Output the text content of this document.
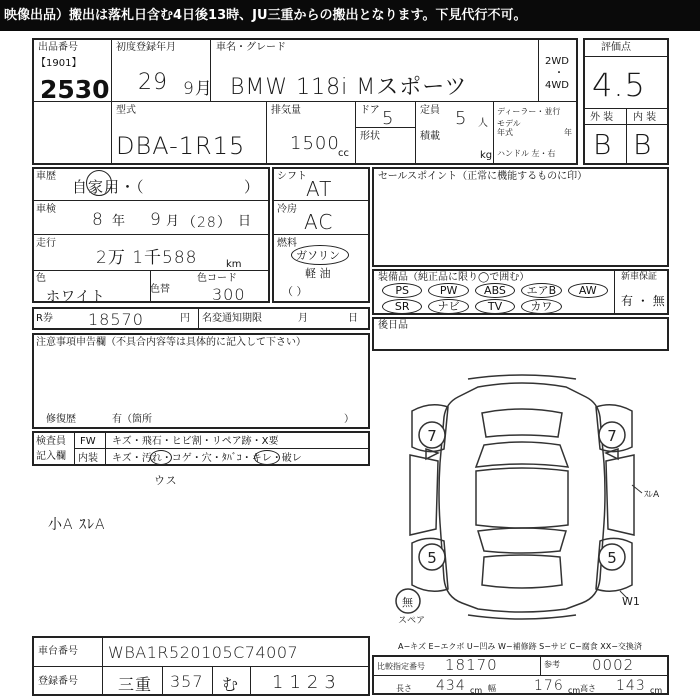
映像出品）搬出は落札日含む4日後13時、JU三重からの搬出となります。下見代行不可。
出品番号
【1901】
2530
初度登録年月
29 9月
車名・グレード
BMW 118i Mスポーツ
2WD
・
4WD
型式
DBA-1R15
排気量
1500
cc
ドア 5
形状
定員 5 人
積載
kg
ディーラー・並行
モデル
年式	年
ハンドル 左・右
評価点
4.5
外 装 内 装
B B
車歴
自家用・（	）
車検
8 年 9 月 （28） 日
走行
2万 1千588	km
色
ホワイト	色替
色コード
300
シフト
AT
冷房
AC
燃料
ガソリン
軽 油
（ ）
R券 18570	円 名変通知期限	月	日
セールスポイント（正常に機能するものに印）
装備品（純正品に限り◯で囲む）	新車保証
有 ・ 無
PS	PW	ABS	エアB	AW
SR	ナビ	TV	カワ
後日品
注意事項申告欄（不具合内容等は具体的に記入して下さい）
修復歴	有（箇所	）
検査員
記入欄
FW キズ・飛石・ヒビ割・リペア跡・X要
内装 キズ・汚れ・コゲ・穴・ﾀﾊﾞｺ・キレ・破レ
ウス
小A ｽﾚA
7	7
5	5
ｽﾚA
W1
スペア
無
A−キズ E−エクボ U−凹み W−補修跡 S−サビ C−腐食 XX−交換済
比較指定番号 18170	参考 0002
長さ 434 cm 幅	176 cm 高さ 143 cm
車台番号 WBA1R520105C74007
登録番号	三重 357 む 1123
